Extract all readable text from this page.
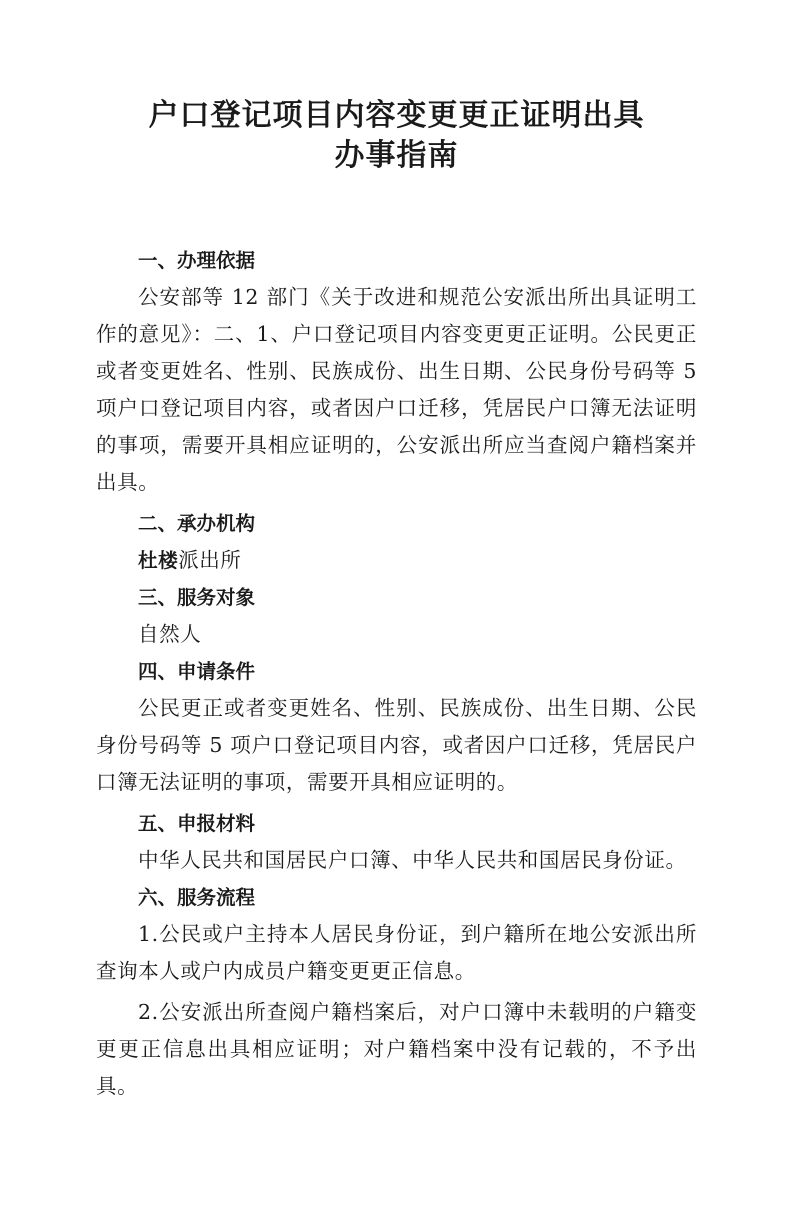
户口登记项目内容变更更正证明出具
办事指南

一、办理依据

公安部等 12 部门《关于改进和规范公安派出所出具证明工作的意见》：二、1、户口登记项目内容变更更正证明。公民更正或者变更姓名、性别、民族成份、出生日期、公民身份号码等 5 项户口登记项目内容，或者因户口迁移，凭居民户口簿无法证明的事项，需要开具相应证明的，公安派出所应当查阅户籍档案并出具。

二、承办机构

杜楼派出所

三、服务对象

自然人

四、申请条件

公民更正或者变更姓名、性别、民族成份、出生日期、公民身份号码等 5 项户口登记项目内容，或者因户口迁移，凭居民户口簿无法证明的事项，需要开具相应证明的。

五、申报材料

中华人民共和国居民户口簿、中华人民共和国居民身份证。

六、服务流程

1.公民或户主持本人居民身份证，到户籍所在地公安派出所查询本人或户内成员户籍变更更正信息。

2.公安派出所查阅户籍档案后，对户口簿中未载明的户籍变更更正信息出具相应证明；对户籍档案中没有记载的，不予出具。
